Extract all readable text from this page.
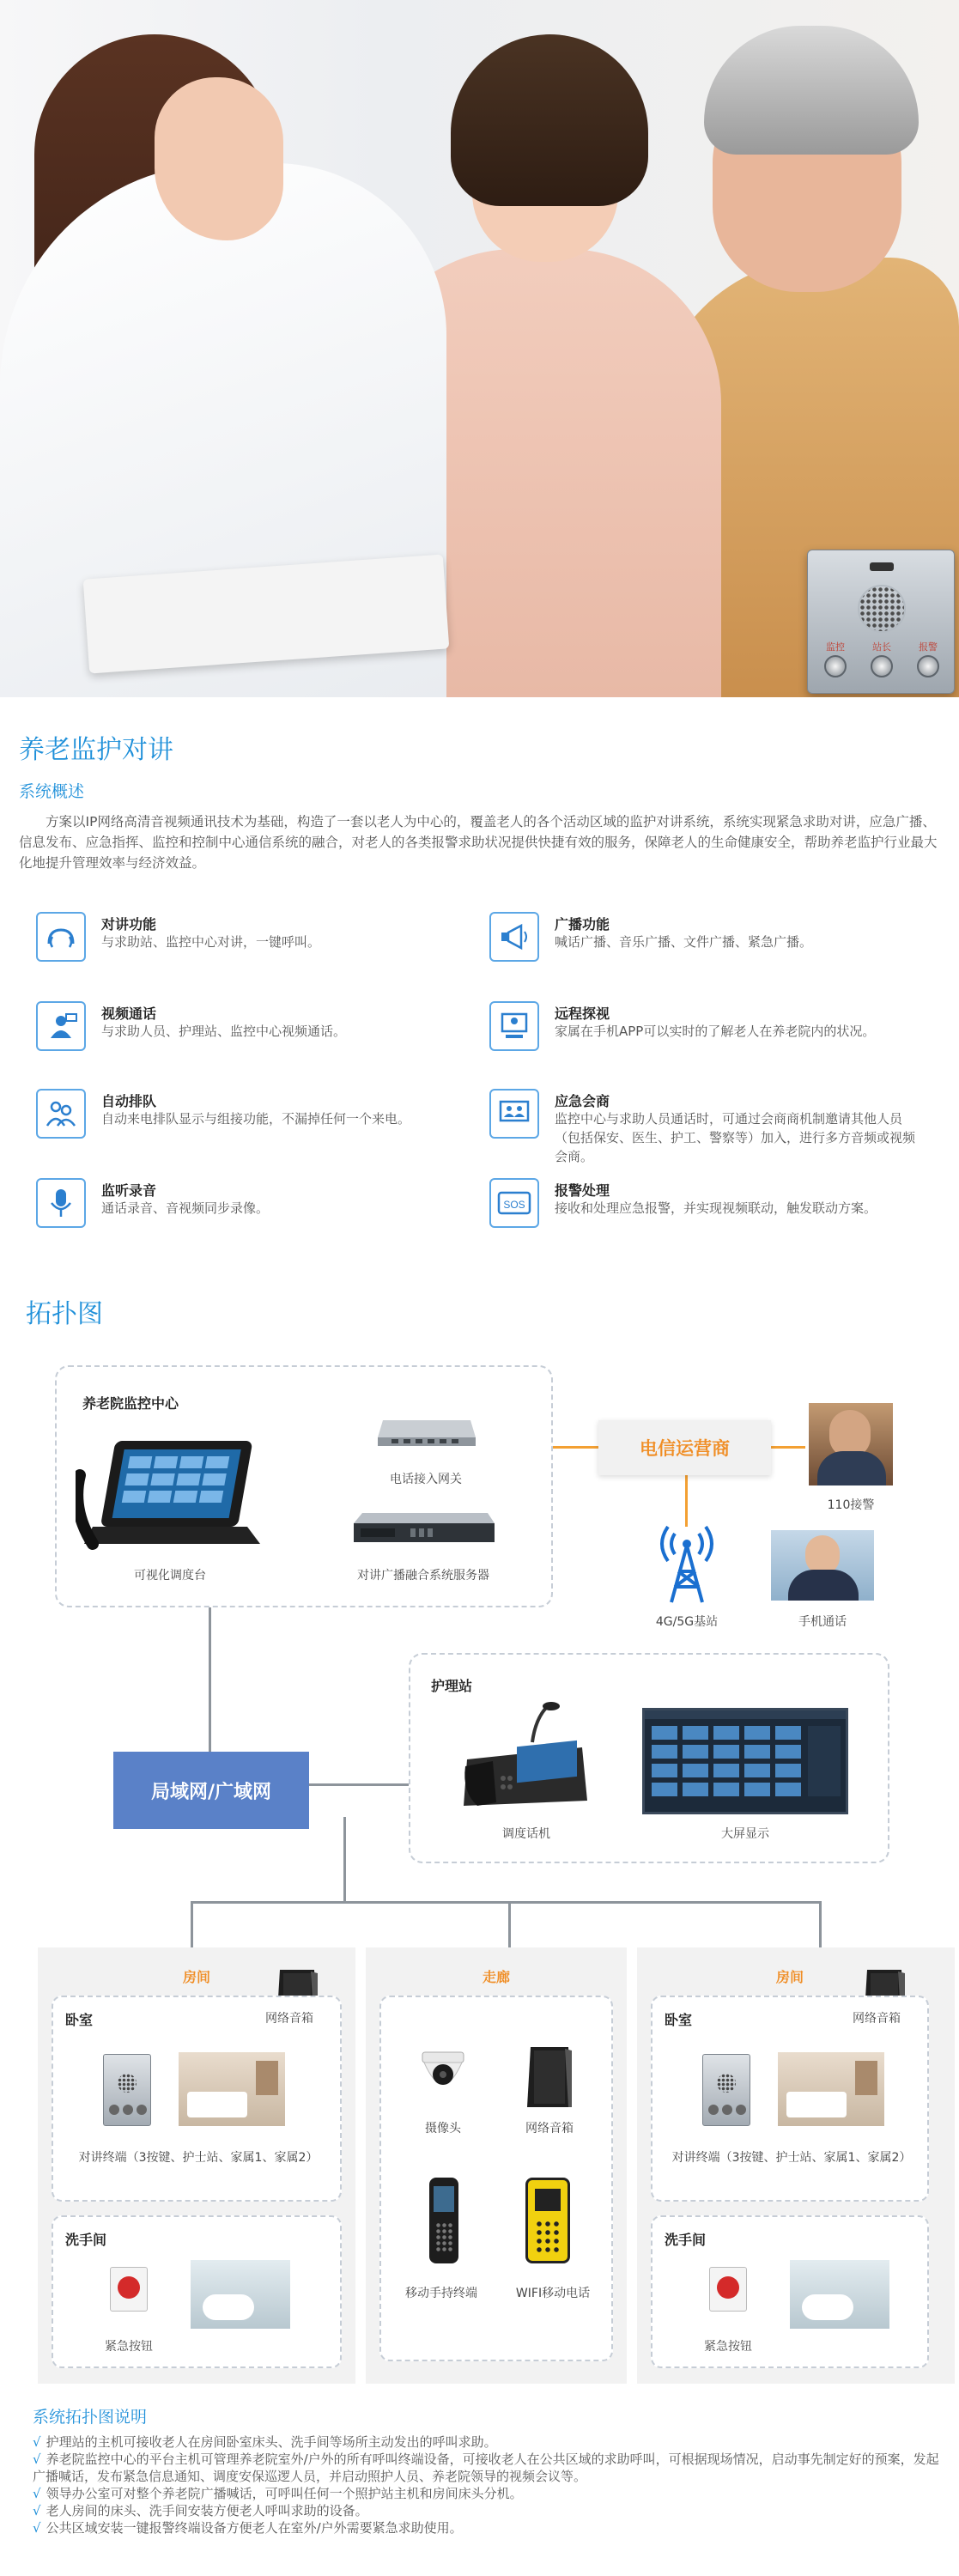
监控	站长	报警
养老监护对讲
系统概述
方案以IP网络高清音视频通讯技术为基础，构造了一套以老人为中心的，覆盖老人的各个活动区域的监护对讲系统，系统实现紧急求助对讲，应急广播、信息发布、应急指挥、监控和控制中心通信系统的融合，对老人的各类报警求助状况提供快捷有效的服务，保障老人的生命健康安全，帮助养老监护行业最大化地提升管理效率与经济效益。
对讲功能
与求助站、监控中心对讲，一键呼叫。
视频通话
与求助人员、护理站、监控中心视频通话。
自动排队
自动来电排队显示与组接功能，不漏掉任何一个来电。
监听录音
通话录音、音视频同步录像。
广播功能
喊话广播、音乐广播、文件广播、紧急广播。
远程探视
家属在手机APP可以实时的了解老人在养老院内的状况。
应急会商
监控中心与求助人员通话时，可通过会商商机制邀请其他人员（包括保安、医生、护工、警察等）加入，进行多方音频或视频会商。
SOS
报警处理
接收和处理应急报警，并实现视频联动，触发联动方案。
拓扑图
养老院监控中心
可视化调度台
电话接入网关
对讲广播融合系统服务器
电信运营商
4G/5G基站
110接警
手机通话
局域网/广域网
护理站
调度话机	大屏显示
房间
卧室	网络音箱
对讲终端（3按键、护士站、家属1、家属2）
洗手间
紧急按钮
走廊
摄像头	网络音箱
移动手持终端	WIFI移动电话
房间
卧室	网络音箱
对讲终端（3按键、护士站、家属1、家属2）
洗手间
紧急按钮
系统拓扑图说明
√ 护理站的主机可接收老人在房间卧室床头、洗手间等场所主动发出的呼叫求助。
√ 养老院监控中心的平台主机可管理养老院室外/户外的所有呼叫终端设备，可接收老人在公共区域的求助呼叫，可根据现场情况，启动事先制定好的预案，发起广播喊话，发布紧急信息通知、调度安保巡逻人员，并启动照护人员、养老院领导的视频会议等。
√ 领导办公室可对整个养老院广播喊话，可呼叫任何一个照护站主机和房间床头分机。
√ 老人房间的床头、洗手间安装方便老人呼叫求助的设备。
√ 公共区域安装一键报警终端设备方便老人在室外/户外需要紧急求助使用。
